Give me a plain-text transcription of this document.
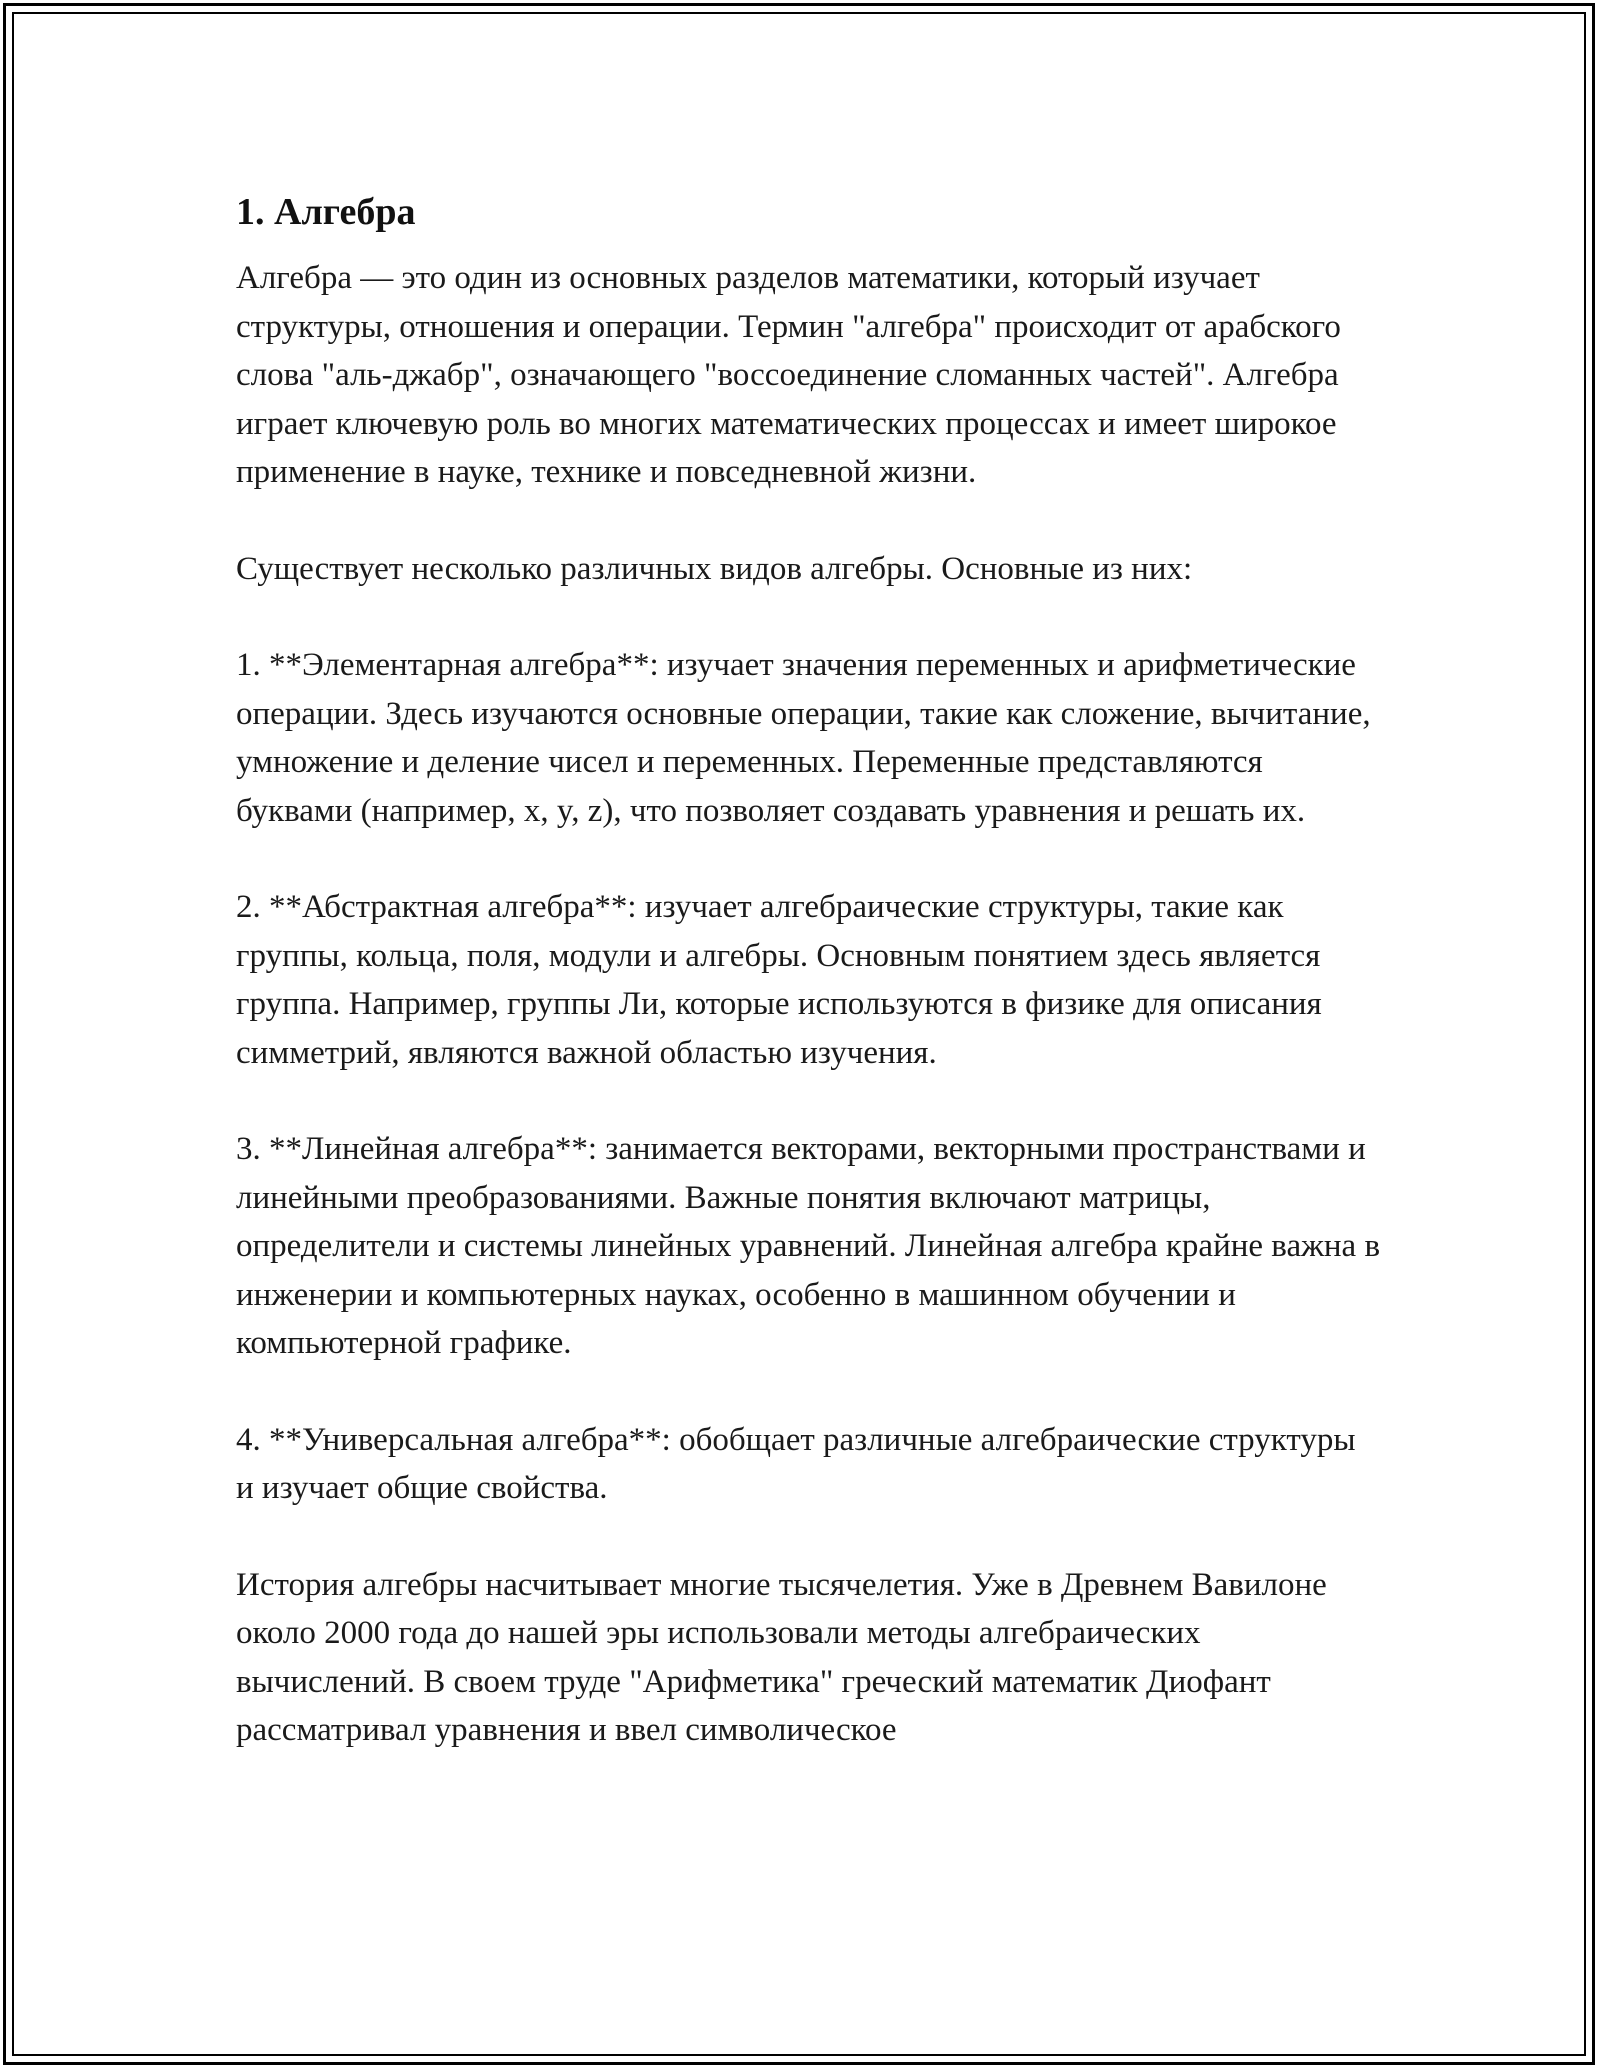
1. Алгебра

Алгебра — это один из основных разделов математики, который изучает структуры, отношения и операции. Термин "алгебра" происходит от арабского слова "аль-джабр", означающего "воссоединение сломанных частей". Алгебра играет ключевую роль во многих математических процессах и имеет широкое применение в науке, технике и повседневной жизни.

Существует несколько различных видов алгебры. Основные из них:

1. **Элементарная алгебра**: изучает значения переменных и арифметические операции. Здесь изучаются основные операции, такие как сложение, вычитание, умножение и деление чисел и переменных. Переменные представляются буквами (например, x, y, z), что позволяет создавать уравнения и решать их.

2. **Абстрактная алгебра**: изучает алгебраические структуры, такие как группы, кольца, поля, модули и алгебры. Основным понятием здесь является группа. Например, группы Ли, которые используются в физике для описания симметрий, являются важной областью изучения.

3. **Линейная алгебра**: занимается векторами, векторными пространствами и линейными преобразованиями. Важные понятия включают матрицы, определители и системы линейных уравнений. Линейная алгебра крайне важна в инженерии и компьютерных науках, особенно в машинном обучении и компьютерной графике.

4. **Универсальная алгебра**: обобщает различные алгебраические структуры и изучает общие свойства.

История алгебры насчитывает многие тысячелетия. Уже в Древнем Вавилоне около 2000 года до нашей эры использовали методы алгебраических вычислений. В своем труде "Арифметика" греческий математик Диофант рассматривал уравнения и ввел символическое
